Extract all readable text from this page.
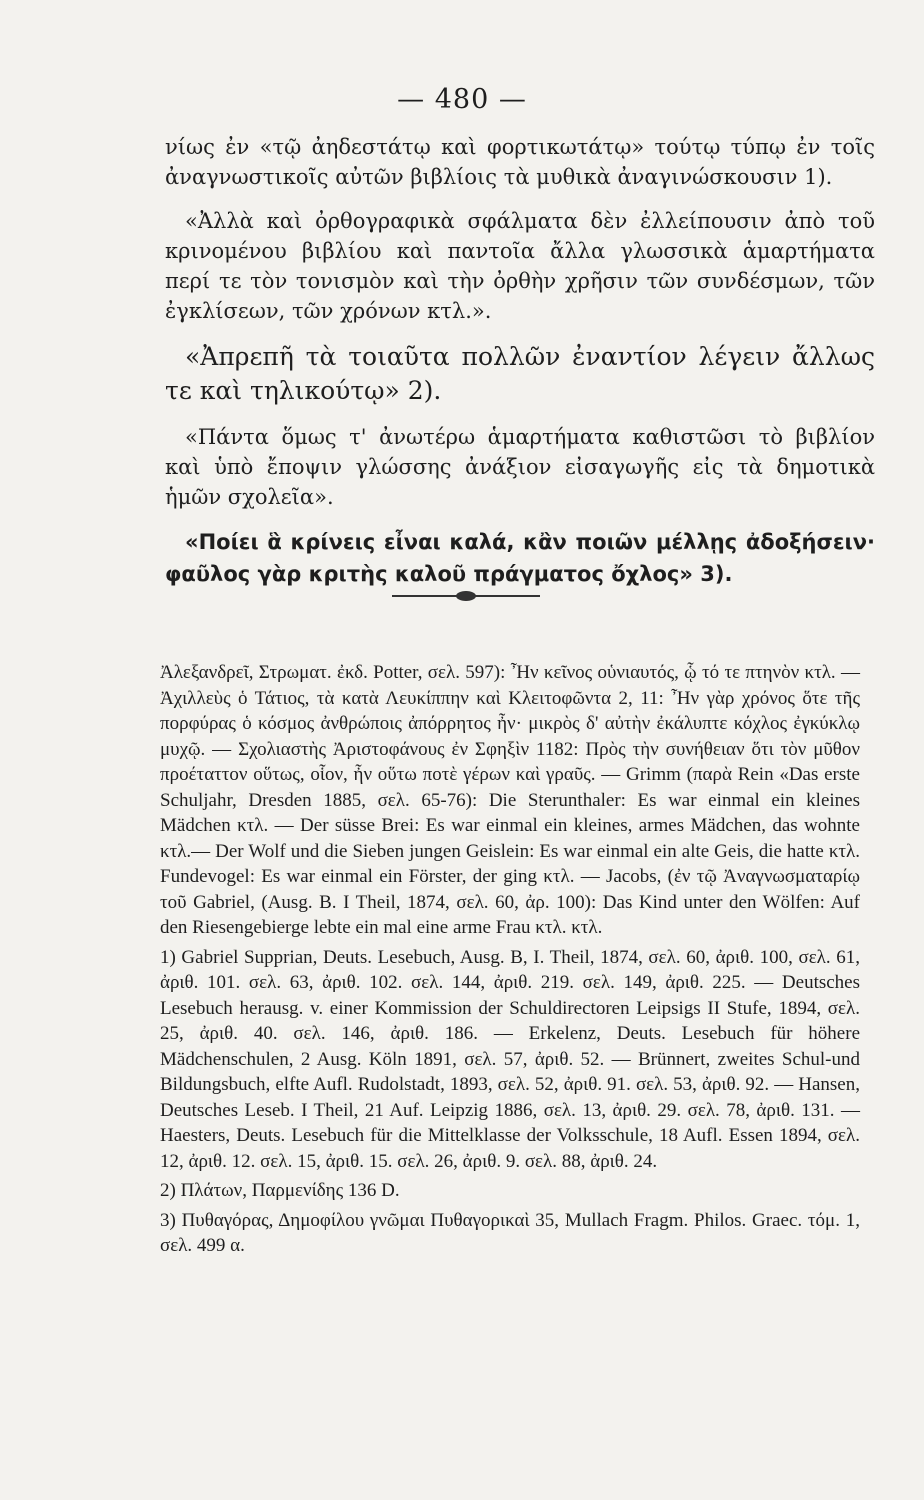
— 480 —

νίως ἐν «τῷ ἀηδεστάτῳ καὶ φορτικωτάτῳ» τούτῳ τύπῳ ἐν τοῖς ἀναγνωστικοῖς αὐτῶν βιβλίοις τὰ μυθικὰ ἀναγινώσκουσιν 1).

«Ἀλλὰ καὶ ὀρθογραφικὰ σφάλματα δὲν ἐλλείπουσιν ἀπὸ τοῦ κρινομένου βιβλίου καὶ παντοῖα ἄλλα γλωσσικὰ ἁμαρτήματα περί τε τὸν τονισμὸν καὶ τὴν ὀρθὴν χρῆσιν τῶν συνδέσμων, τῶν ἐγκλίσεων, τῶν χρόνων κτλ.».

«Ἀπρεπῆ τὰ τοιαῦτα πολλῶν ἐναντίον λέγειν ἄλλως τε καὶ τηλικούτῳ» 2).

«Πάντα ὅμως τ' ἀνωτέρω ἁμαρτήματα καθιστῶσι τὸ βιβλίον καὶ ὑπὸ ἔποψιν γλώσσης ἀνάξιον εἰσαγωγῆς εἰς τὰ δημοτικὰ ἡμῶν σχολεῖα».

«Ποίει ἃ κρίνεις εἶναι καλά, κἂν ποιῶν μέλλῃς ἀδοξήσειν· φαῦλος γὰρ κριτὴς καλοῦ πράγματος ὄχλος» 3).

Ἀλεξανδρεῖ, Στρωματ. ἐκδ. Potter, σελ. 597): Ἦν κεῖνος οὑνιαυτός, ᾧ τό τε πτηνὸν κτλ. — Ἀχιλλεὺς ὁ Τάτιος, τὰ κατὰ Λευκίππην καὶ Κλειτοφῶντα 2, 11: Ἦν γὰρ χρόνος ὅτε τῆς πορφύρας ὁ κόσμος ἀνθρώποις ἀπόρρητος ἦν· μικρὸς δ' αὐτὴν ἐκάλυπτε κόχλος ἐγκύκλῳ μυχῷ. — Σχολιαστὴς Ἀριστοφάνους ἐν Σφηξὶν 1182: Πρὸς τὴν συνήθειαν ὅτι τὸν μῦθον προέταττον οὕτως, οἷον, ἦν οὕτω ποτὲ γέρων καὶ γραῦς. — Grimm (παρὰ Rein «Das erste Schuljahr, Dresden 1885, σελ. 65-76): Die Sterunthaler: Es war einmal ein kleines Mädchen κτλ. — Der süsse Brei: Es war einmal ein kleines, armes Mädchen, das wohnte κτλ.— Der Wolf und die Sieben jungen Geislein: Es war einmal ein alte Geis, die hatte κτλ. Fundevogel: Es war einmal ein Förster, der ging κτλ. — Jacobs, (ἐν τῷ Ἀναγνωσματαρίῳ τοῦ Gabriel, (Ausg. B. I Theil, 1874, σελ. 60, ἀρ. 100): Das Kind unter den Wölfen: Auf den Riesengebierge lebte ein mal eine arme Frau κτλ. κτλ.

1) Gabriel Supprian, Deuts. Lesebuch, Ausg. B, I. Theil, 1874, σελ. 60, ἀριθ. 100, σελ. 61, ἀριθ. 101. σελ. 63, ἀριθ. 102. σελ. 144, ἀριθ. 219. σελ. 149, ἀριθ. 225. — Deutsches Lesebuch herausg. v. einer Kommission der Schuldirectoren Leipsigs II Stufe, 1894, σελ. 25, ἀριθ. 40. σελ. 146, ἀριθ. 186. — Erkelenz, Deuts. Lesebuch für höhere Mädchenschulen, 2 Ausg. Köln 1891, σελ. 57, ἀριθ. 52. — Brünnert, zweites Schul-und Bildungsbuch, elfte Aufl. Rudolstadt, 1893, σελ. 52, ἀριθ. 91. σελ. 53, ἀριθ. 92. — Hansen, Deutsches Leseb. I Theil, 21 Auf. Leipzig 1886, σελ. 13, ἀριθ. 29. σελ. 78, ἀριθ. 131. — Haesters, Deuts. Lesebuch für die Mittelklasse der Volksschule, 18 Aufl. Essen 1894, σελ. 12, ἀριθ. 12. σελ. 15, ἀριθ. 15. σελ. 26, ἀριθ. 9. σελ. 88, ἀριθ. 24.

2) Πλάτων, Παρμενίδης 136 D.

3) Πυθαγόρας, Δημοφίλου γνῶμαι Πυθαγορικαὶ 35, Mullach Fragm. Philos. Graec. τόμ. 1, σελ. 499 α.
